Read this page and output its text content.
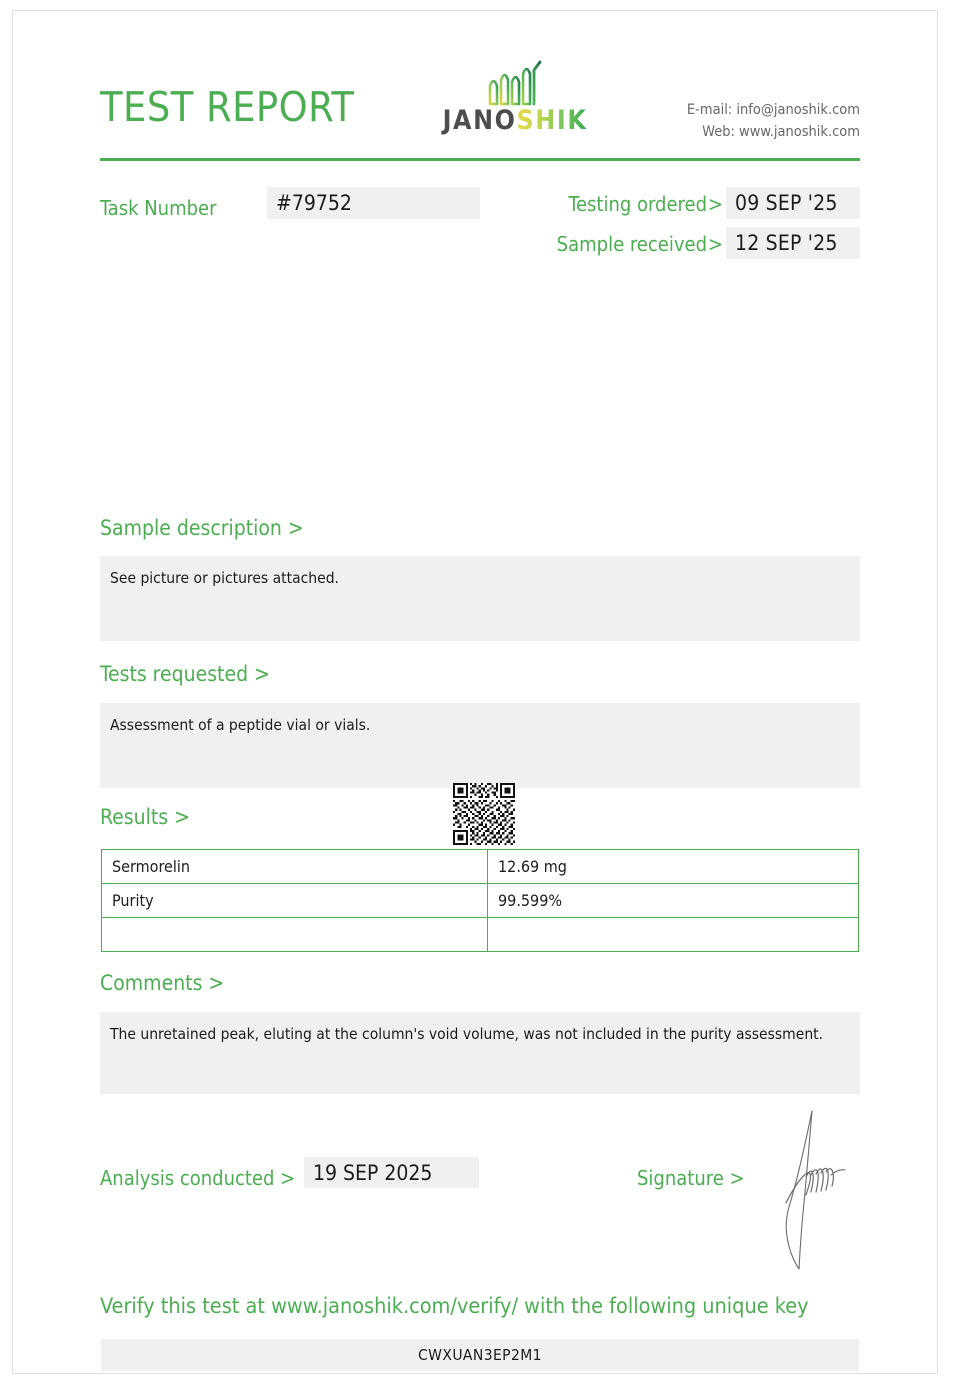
TEST REPORT	JANOSHIK	E-mail: info@janoshik.com
Web: www.janoshik.com
Task Number	#79752	Testing ordered > 09 SEP '25
Sample received > 12 SEP '25
Sample description >
See picture or pictures attached.
Tests requested >
Assessment of a peptide vial or vials.
Results >
Sermorelin	12.69 mg
Purity	99.599%

Comments >
The unretained peak, eluting at the column's void volume, was not included in the purity assessment.
Analysis conducted > 19 SEP 2025	Signature >
Verify this test at www.janoshik.com/verify/ with the following unique key
CWXUAN3EP2M1
